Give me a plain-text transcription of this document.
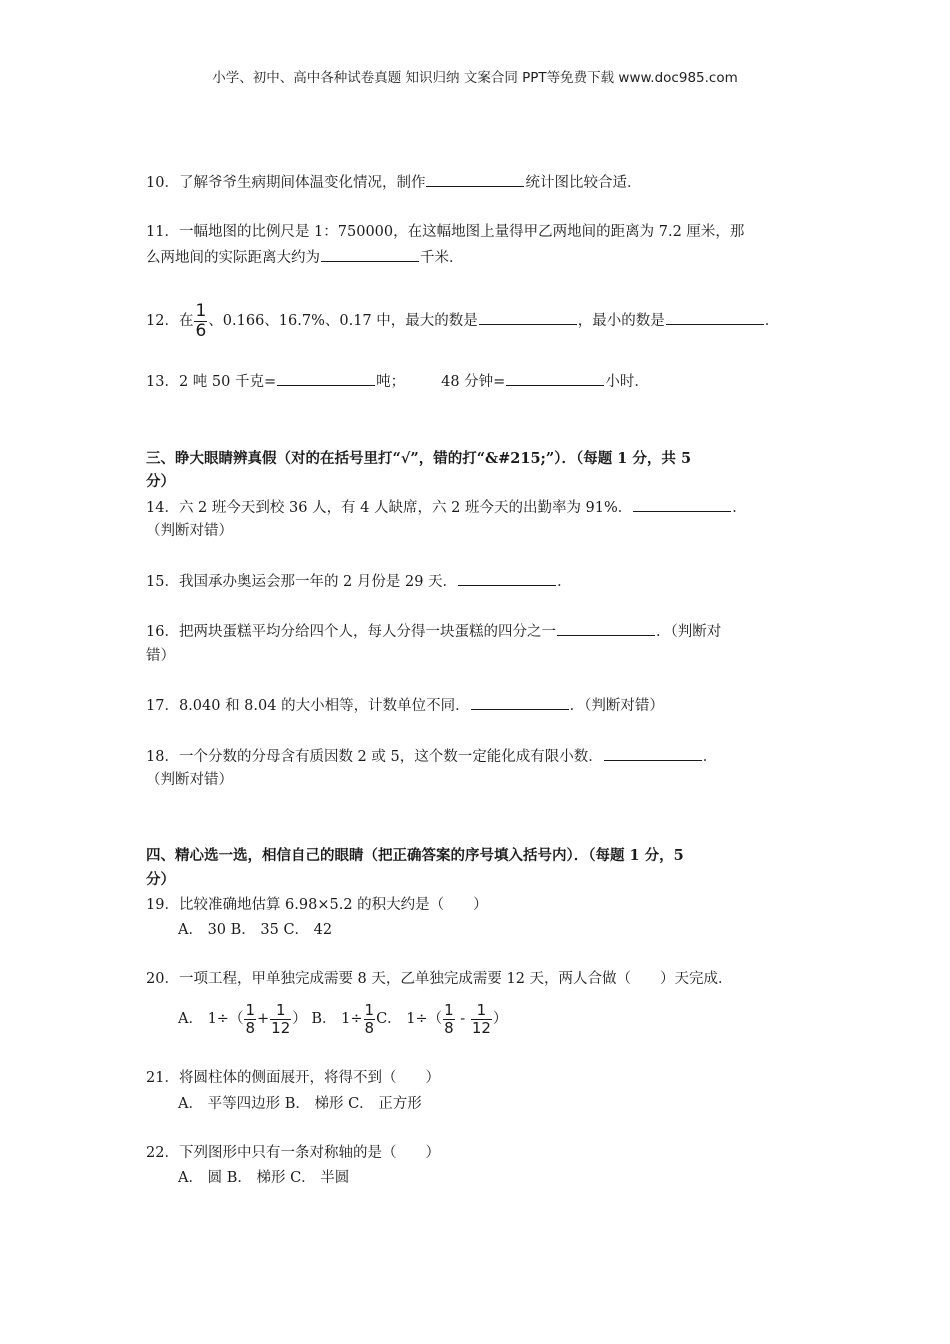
小学、初中、高中各种试卷真题 知识归纳 文案合同 PPT等免费下载 www.doc985.com
10．了解爷爷生病期间体温变化情况，制作	统计图比较合适．
11．一幅地图的比例尺是 1：750000，在这幅地图上量得甲乙两地间的距离为 7.2 厘米，那
么两地间的实际距离大约为	千米．
12．在 $\frac{1}{6}$ 、0.166、16.7%、0.17 中，最大的数是	，最小的数是	．
13．2 吨 50 千克=	吨； 48 分钟=	小时．
三、睁大眼睛辨真假（对的在括号里打“√”，错的打“&#215;”）．（每题 1 分，共 5
分）
14．六 2 班今天到校 36 人，有 4 人缺席，六 2 班今天的出勤率为 91%．	．
（判断对错）
15．我国承办奥运会那一年的 2 月份是 29 天．	．
16．把两块蛋糕平均分给四个人，每人分得一块蛋糕的四分之一	．（判断对
错）
17．8.040 和 8.04 的大小相等，计数单位不同．	．（判断对错）
18．一个分数的分母含有质因数 2 或 5，这个数一定能化成有限小数．	．
（判断对错）
四、精心选一选，相信自己的眼睛（把正确答案的序号填入括号内）．（每题 1 分，5
分）
19．比较准确地估算 6.98×5.2 的积大约是（　　）
A． 30 B． 35 C． 42
20．一项工程，甲单独完成需要 8 天，乙单独完成需要 12 天，两人合做（　　）天完成．
A． $1\div( \frac{1}{8} + \frac{1}{12}$ ） B． $1\div \frac{1}{8}$ C． $1\div( \frac{1}{8} - \frac{1}{12}$ ）
21．将圆柱体的侧面展开，将得不到（　　）
A． 平等四边形 B． 梯形 C． 正方形
22．下列图形中只有一条对称轴的是（　　）
A． 圆 B． 梯形 C． 半圆
